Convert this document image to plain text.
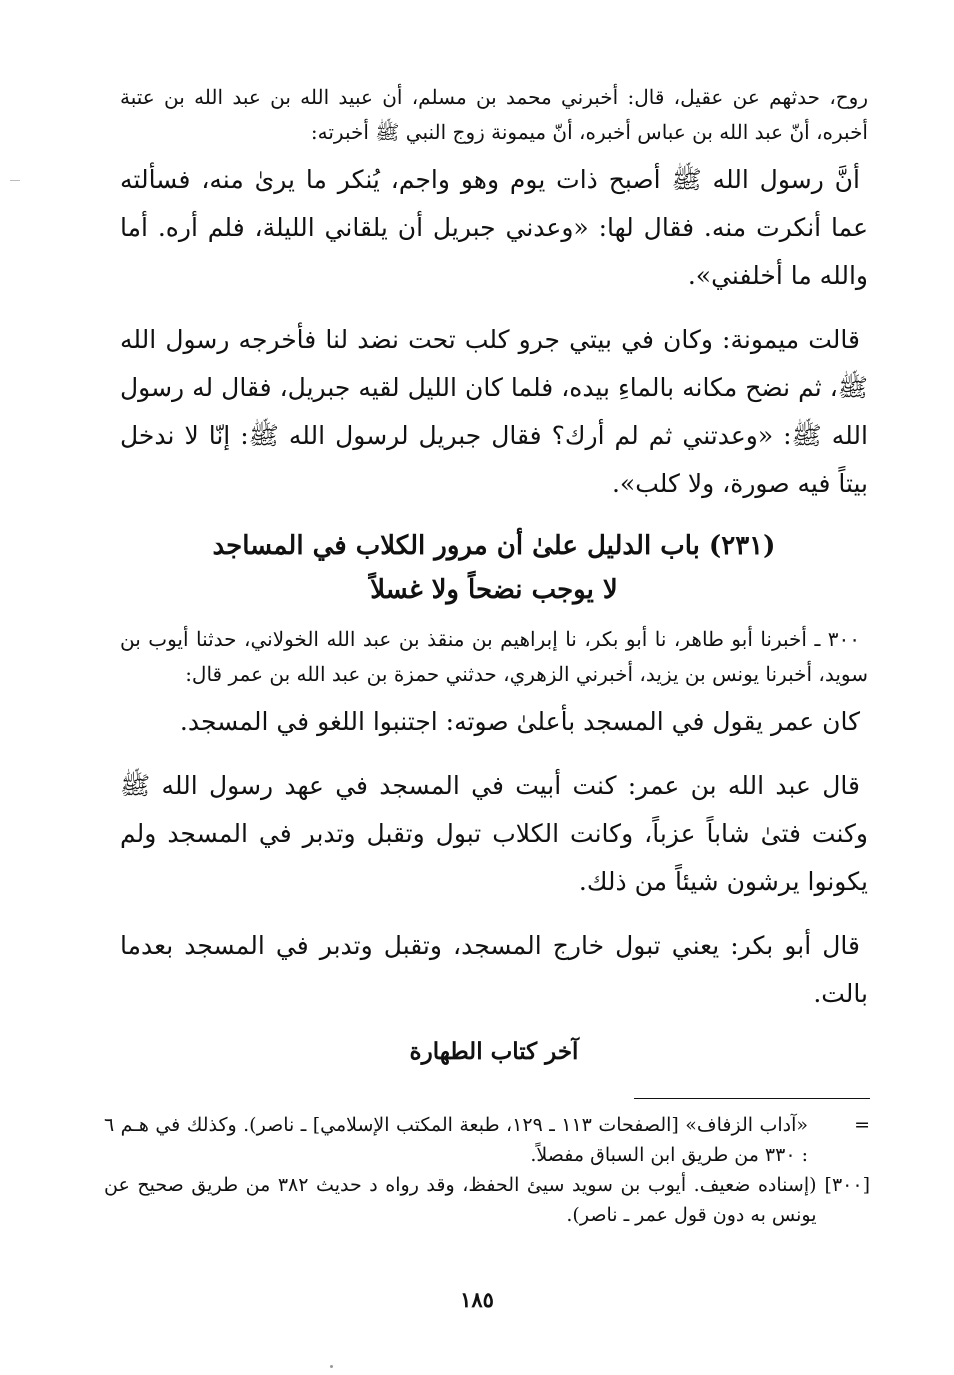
روح، حدثهم عن عقيل، قال: أخبرني محمد بن مسلم، أن عبيد الله بن عبد الله بن عتبة أخبره، أنّ عبد الله بن عباس أخبره، أنّ ميمونة زوج النبي ﷺ أخبرته:

أنَّ رسول الله ﷺ أصبح ذات يوم وهو واجم، يُنكر ما يرىٰ منه، فسألته عما أنكرت منه. فقال لها: «وعدني جبريل أن يلقاني الليلة، فلم أره. أما والله ما أخلفني».

قالت ميمونة: وكان في بيتي جرو كلب تحت نضد لنا فأخرجه رسول الله ﷺ، ثم نضح مكانه بالماءِ بيده، فلما كان الليل لقيه جبريل، فقال له رسول الله ﷺ: «وعدتني ثم لم أرك؟ فقال جبريل لرسول الله ﷺ: إنّا لا ندخل بيتاً فيه صورة، ولا كلب».

(٢٣١) باب الدليل علىٰ أن مرور الكلاب في المساجد
لا يوجب نضحاً ولا غسلاً

٣٠٠ ـ أخبرنا أبو طاهر، نا أبو بكر، نا إبراهيم بن منقذ بن عبد الله الخولاني، حدثنا أيوب بن سويد، أخبرنا يونس بن يزيد، أخبرني الزهري، حدثني حمزة بن عبد الله بن عمر قال:

كان عمر يقول في المسجد بأعلىٰ صوته: اجتنبوا اللغو في المسجد.

قال عبد الله بن عمر: كنت أبيت في المسجد في عهد رسول الله ﷺ وكنت فتىٰ شاباً عزباً، وكانت الكلاب تبول وتقبل وتدبر في المسجد ولم يكونوا يرشون شيئاً من ذلك.

قال أبو بكر: يعني تبول خارج المسجد، وتقبل وتدبر في المسجد بعدما بالت.

آخر كتاب الطهارة
=
«آداب الزفاف» [الصفحات ١١٣ ـ ١٢٩، طبعة المكتب الإسلامي] ـ ناصر). وكذلك في هـم ٦ : ٣٣٠ من طريق ابن السباق مفصلاً.
[٣٠٠]
(إسناده ضعيف. أيوب بن سويد سيئ الحفظ، وقد رواه د حديث ٣٨٢ من طريق صحيح عن يونس به دون قول عمر ـ ناصر).
١٨٥
